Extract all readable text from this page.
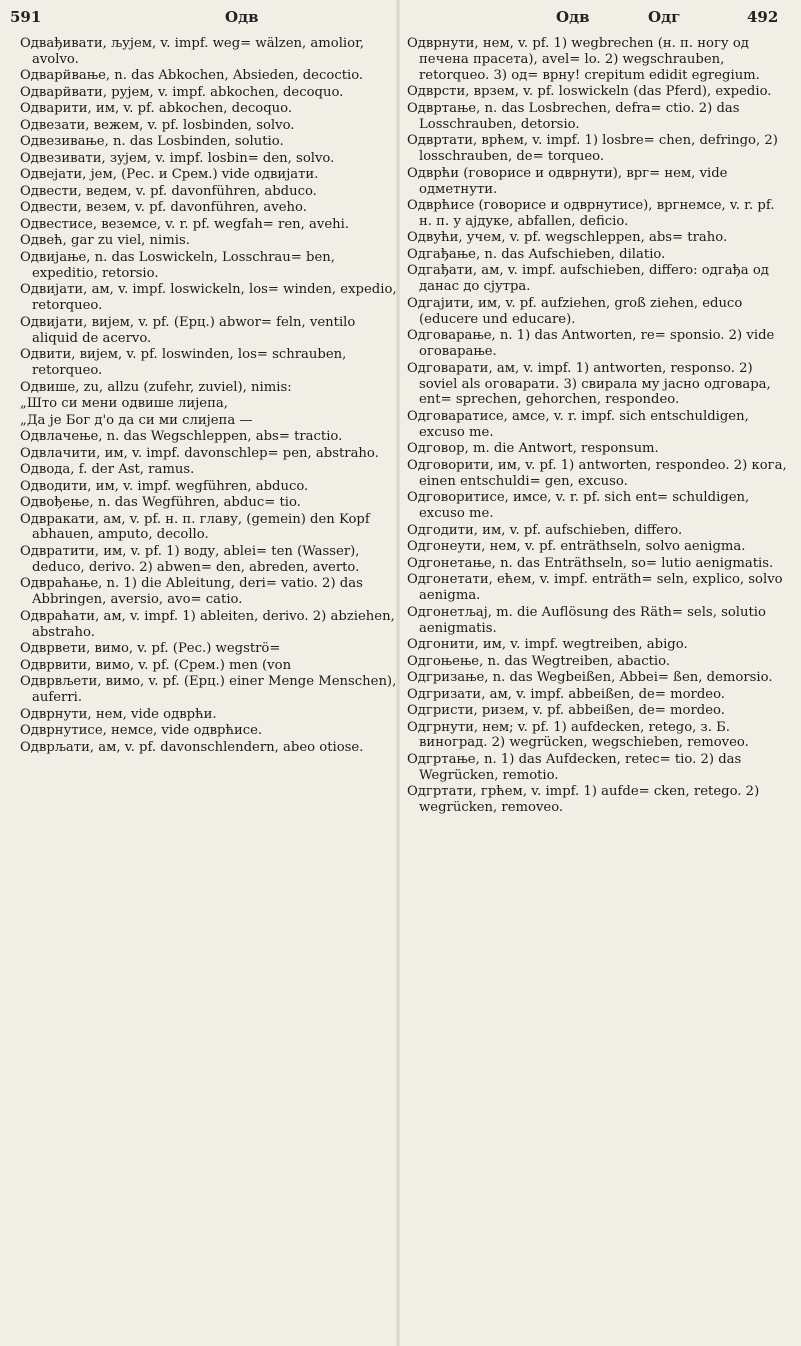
591	Одв	Одв	Одг	492

Одвађивати, љујем, v. impf. weg= wälzen, amolior, avolvo.

Одварйвање, n. das Abkochen, Absieden, decoctio.

Одварйвати, рујем, v. impf. abkochen, decoquo.

Одварити, им, v. pf. abkochen, decoquo.

Одвезати, вежем, v. pf. losbinden, solvo.

Одвезивање, n. das Losbinden, solutio.

Одвезивати, зујем, v. impf. losbin= den, solvo.

Одвејати, јем, (Рес. и Срем.) vide одвијати.

Одвести, ведем, v. pf. davonführen, abduco.

Одвести, везем, v. pf. davonführen, aveho.

Одвестисе, веземсе, v. r. pf. wegfah= ren, avehi.

Одвећ, gar zu viel, nimis.

Одвијање, n. das Loswickeln, Losschrau= ben, expeditio, retorsio.

Одвијати, ам, v. impf. loswickeln, los= winden, expedio, retorqueo.

Одвијати, вијем, v. pf. (Ерц.) abwor= feln, ventilo aliquid de acervo.

Одвити, вијем, v. pf. loswinden, los= schrauben, retorqueo.

Одвише, zu, allzu (zufehr, zuviel), nimis:

„Што си мени одвише лијепа,

„Да је Бог д'о да си ми слијепа —

Одвлачење, n. das Wegschleppen, abs= tractio.

Одвлачити, им, v. impf. davonschlep= pen, abstraho.

Одвода, f. der Ast, ramus.

Одводити, им, v. impf. wegführen, abduco.

Одвођење, n. das Wegführen, abduc= tio.

Одвракати, ам, v. pf. н. п. главу, (gemein) den Kopf abhauen, amputo, decollo.

Одвратити, им, v. pf. 1) воду, ablei= ten (Wasser), deduco, derivo. 2) abwen= den, abreden, averto.

Одвраћање, n. 1) die Ableitung, deri= vatio. 2) das Abbringen, aversio, avo= catio.

Одвраћати, ам, v. impf. 1) ableiten, derivo. 2) abziehen, abstraho.

Одврвети, вимо, v. pf. (Рес.) wegströ=

Одврвити, вимо, v. pf. (Срем.) men (von

Одврвљети, вимо, v. pf. (Ерц.) einer Menge Menschen), auferri.

Одврнути, нем, vide одврћи.

Одврнутисе, немсе, vide одврћисе.

Одврљати, ам, v. pf. davonschlendern, abeo otiose.

Одврнути, нем, v. pf. 1) wegbrechen (н. п. ногу од печена прасета), avel= lo. 2) wegschrauben, retorqueo. 3) од= врну! crepitum edidit egregium.

Одврсти, врзем, v. pf. loswickeln (das Pferd), expedio.

Одвртање, n. das Losbrechen, defra= ctio. 2) das Losschrauben, detorsio.

Одвртати, врћем, v. impf. 1) losbre= chen, defringo, 2) losschrauben, de= torqueo.

Одврћи (говорисе и одврнути), врг= нем, vide одметнути.

Одврћисе (говорисе и одврнутисе), вргнемсе, v. r. pf. н. п. у ајдуке, abfallen, deficio.

Одвући, учем, v. pf. wegschleppen, abs= traho.

Одгађање, n. das Aufschieben, dilatio.

Одгађати, ам, v. impf. aufschieben, differo: одгађа од данас до сјутра.

Одгајити, им, v. pf. aufziehen, groß ziehen, educo (educere und educare).

Одговарање, n. 1) das Antworten, re= sponsio. 2) vide оговарање.

Одговарати, ам, v. impf. 1) antworten, responso. 2) soviel als оговарати. 3) свирала му јасно одговара, ent= sprechen, gehorchen, respondeo.

Одговаратисе, амсе, v. r. impf. sich entschuldigen, excuso me.

Одговор, m. die Antwort, responsum.

Одговорити, им, v. pf. 1) antworten, respondeo. 2) кога, einen entschuldi= gen, excuso.

Одговоритисе, имсе, v. r. pf. sich ent= schuldigen, excuso me.

Одгодити, им, v. pf. aufschieben, differo.

Одгонеути, нем, v. pf. enträthseln, solvo aenigma.

Одгонетање, n. das Enträthseln, so= lutio aenigmatis.

Одгонетати, ећем, v. impf. enträth= seln, explico, solvo aenigma.

Одгонетљај, m. die Auflösung des Räth= sels, solutio aenigmatis.

Одгонити, им, v. impf. wegtreiben, abigo.

Одгоњење, n. das Wegtreiben, abactio.

Одгризање, n. das Wegbeißen, Abbei= ßen, demorsio.

Одгризати, ам, v. impf. abbeißen, de= mordeo.

Одгристи, ризем, v. pf. abbeißen, de= mordeo.

Одгрнути, нем; v. pf. 1) aufdecken, retego, з. Б. виноград. 2) wegrücken, wegschieben, removeo.

Одгртање, n. 1) das Aufdecken, retec= tio. 2) das Wegrücken, remotio.

Одгртати, грћем, v. impf. 1) aufde= cken, retego. 2) wegrücken, removeo.
